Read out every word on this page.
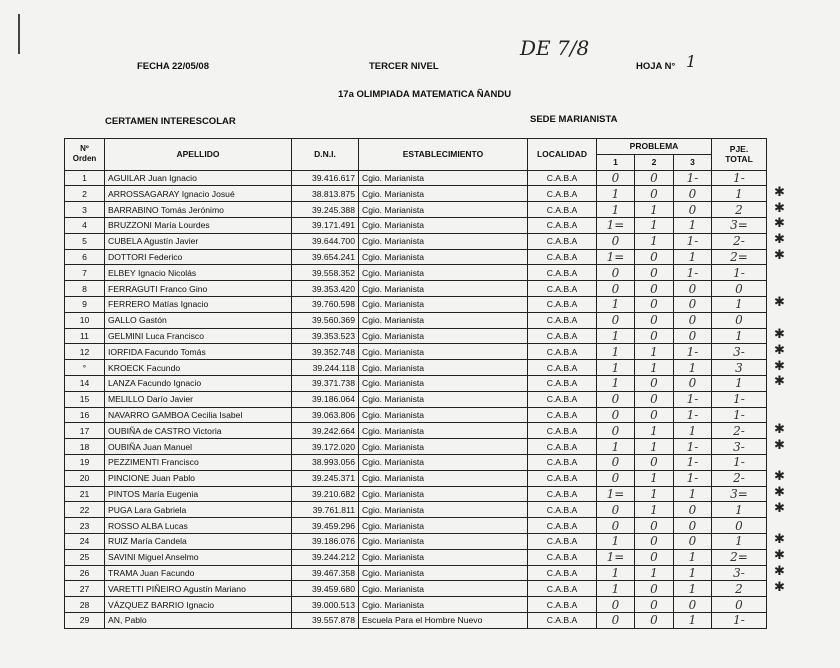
FECHA 22/05/08	TERCER NIVEL
DE 7/8
HOJA N° 1
17a OLIMPIADA MATEMATICA ÑANDU
CERTAMEN INTERESCOLAR	SEDE MARIANISTA
Nº Orden	APELLIDO	D.N.I.	ESTABLECIMIENTO	LOCALIDAD	PROBLEMA			PJE. TOTAL
					1	2	3	
1	AGUILAR Juan Ignacio	39.416.617	Cgio. Marianista	C.A.B.A	0	0	1-	1-
2	ARROSSAGARAY Ignacio Josué	38.813.875	Cgio. Marianista	C.A.B.A	1	0	0	1
3	BARRABINO Tomás Jerónimo	39.245.388	Cgio. Marianista	C.A.B.A	1	1	0	2
4	BRUZZONI María Lourdes	39.171.491	Cgio. Marianista	C.A.B.A	1=	1	1	3=
5	CUBELA Agustín Javier	39.644.700	Cgio. Marianista	C.A.B.A	0	1	1-	2-
6	DOTTORI Federico	39.654.241	Cgio. Marianista	C.A.B.A	1=	0	1	2=
7	ELBEY Ignacio Nicolás	39.558.352	Cgio. Marianista	C.A.B.A	0	0	1-	1-
8	FERRAGUTI Franco Gino	39.353.420	Cgio. Marianista	C.A.B.A	0	0	0	0
9	FERRERO Matías Ignacio	39.760.598	Cgio. Marianista	C.A.B.A	1	0	0	1
10	GALLO Gastón	39.560.369	Cgio. Marianista	C.A.B.A	0	0	0	0
11	GELMINI Luca Francisco	39.353.523	Cgio. Marianista	C.A.B.A	1	0	0	1
12	IORFIDA Facundo Tomás	39.352.748	Cgio. Marianista	C.A.B.A	1	1	1-	3-
°	KROECK Facundo	39.244.118	Cgio. Marianista	C.A.B.A	1	1	1	3
14	LANZA Facundo Ignacio	39.371.738	Cgio. Marianista	C.A.B.A	1	0	0	1
15	MELILLO Darío Javier	39.186.064	Cgio. Marianista	C.A.B.A	0	0	1-	1-
16	NAVARRO GAMBOA Cecilia Isabel	39.063.806	Cgio. Marianista	C.A.B.A	0	0	1-	1-
17	OUBIÑA de CASTRO Victoria	39.242.664	Cgio. Marianista	C.A.B.A	0	1	1	2-
18	OUBIÑA Juan Manuel	39.172.020	Cgio. Marianista	C.A.B.A	1	1	1-	3-
19	PEZZIMENTI Francisco	38.993.056	Cgio. Marianista	C.A.B.A	0	0	1-	1-
20	PINCIONE Juan Pablo	39.245.371	Cgio. Marianista	C.A.B.A	0	1	1-	2-
21	PINTOS María Eugenia	39.210.682	Cgio. Marianista	C.A.B.A	1=	1	1	3=
22	PUGA Lara Gabriela	39.761.811	Cgio. Marianista	C.A.B.A	0	1	0	1
23	ROSSO ALBA Lucas	39.459.296	Cgio. Marianista	C.A.B.A	0	0	0	0
24	RUIZ María Candela	39.186.076	Cgio. Marianista	C.A.B.A	1	0	0	1
25	SAVINI Miguel Anselmo	39.244.212	Cgio. Marianista	C.A.B.A	1=	0	1	2=
26	TRAMA Juan Facundo	39.467.358	Cgio. Marianista	C.A.B.A	1	1	1	3-
27	VARETTI PIÑEIRO Agustín Mariano	39.459.680	Cgio. Marianista	C.A.B.A	1	0	1	2
28	VÁZQUEZ BARRIO Ignacio	39.000.513	Cgio. Marianista	C.A.B.A	0	0	0	0
29	AN, Pablo	39.557.878	Escuela Para el Hombre Nuevo	C.A.B.A	0	0	1	1-
✱
✱
✱
✱
✱
✱
✱
✱
✱
✱
✱
✱
✱
✱
✱
✱
✱
✱
✱
